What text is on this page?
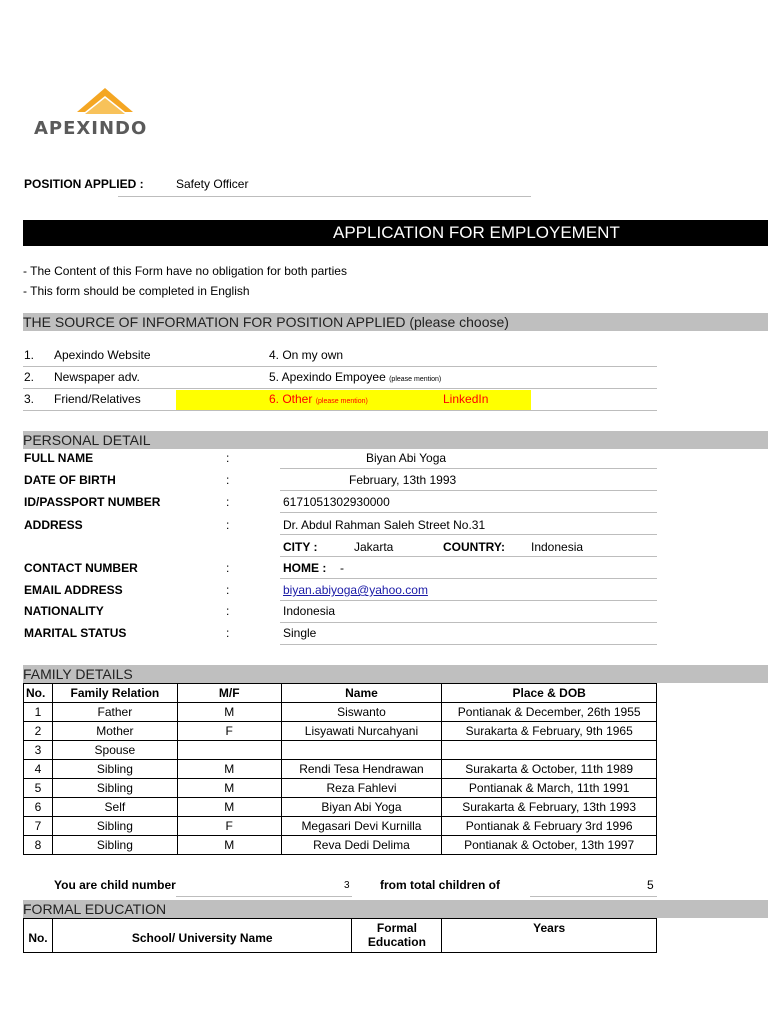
APEXINDO
POSITION APPLIED :	Safety Officer
APPLICATION FOR EMPLOYEMENT
- The Content of this Form have no obligation for both parties
- This form should be completed in English
THE SOURCE OF INFORMATION FOR POSITION APPLIED (please choose)
1. Apexindo Website	4. On my own
2. Newspaper adv.	5. Apexindo Empoyee (please mention)
3. Friend/Relatives	6. Other (please mention)	LinkedIn
PERSONAL DETAIL
FULL NAME	:	Biyan Abi Yoga
DATE OF BIRTH	:	February, 13th 1993
ID/PASSPORT NUMBER	:	6171051302930000
ADDRESS	:	Dr. Abdul Rahman Saleh Street No.31
CITY :	Jakarta	COUNTRY: Indonesia
CONTACT NUMBER	:	HOME : -
EMAIL ADDRESS	:	biyan.abiyoga@yahoo.com
NATIONALITY	:	Indonesia
MARITAL STATUS	:	Single
FAMILY DETAILS
No.	Family Relation	M/F	Name	Place & DOB
1	Father	M	Siswanto	Pontianak & December, 26th 1955
2	Mother	F	Lisyawati Nurcahyani	Surakarta & February, 9th 1965
3	Spouse			
4	Sibling	M	Rendi Tesa Hendrawan	Surakarta & October, 11th 1989
5	Sibling	M	Reza Fahlevi	Pontianak & March, 11th 1991
6	Self	M	Biyan Abi Yoga	Surakarta & February, 13th 1993
7	Sibling	F	Megasari Devi Kurnilla	Pontianak & February 3rd 1996
8	Sibling	M	Reva Dedi Delima	Pontianak & October, 13th 1997
You are child number	3	from total children of	5
FORMAL EDUCATION
No.	School/ University Name	Formal Education	Years
